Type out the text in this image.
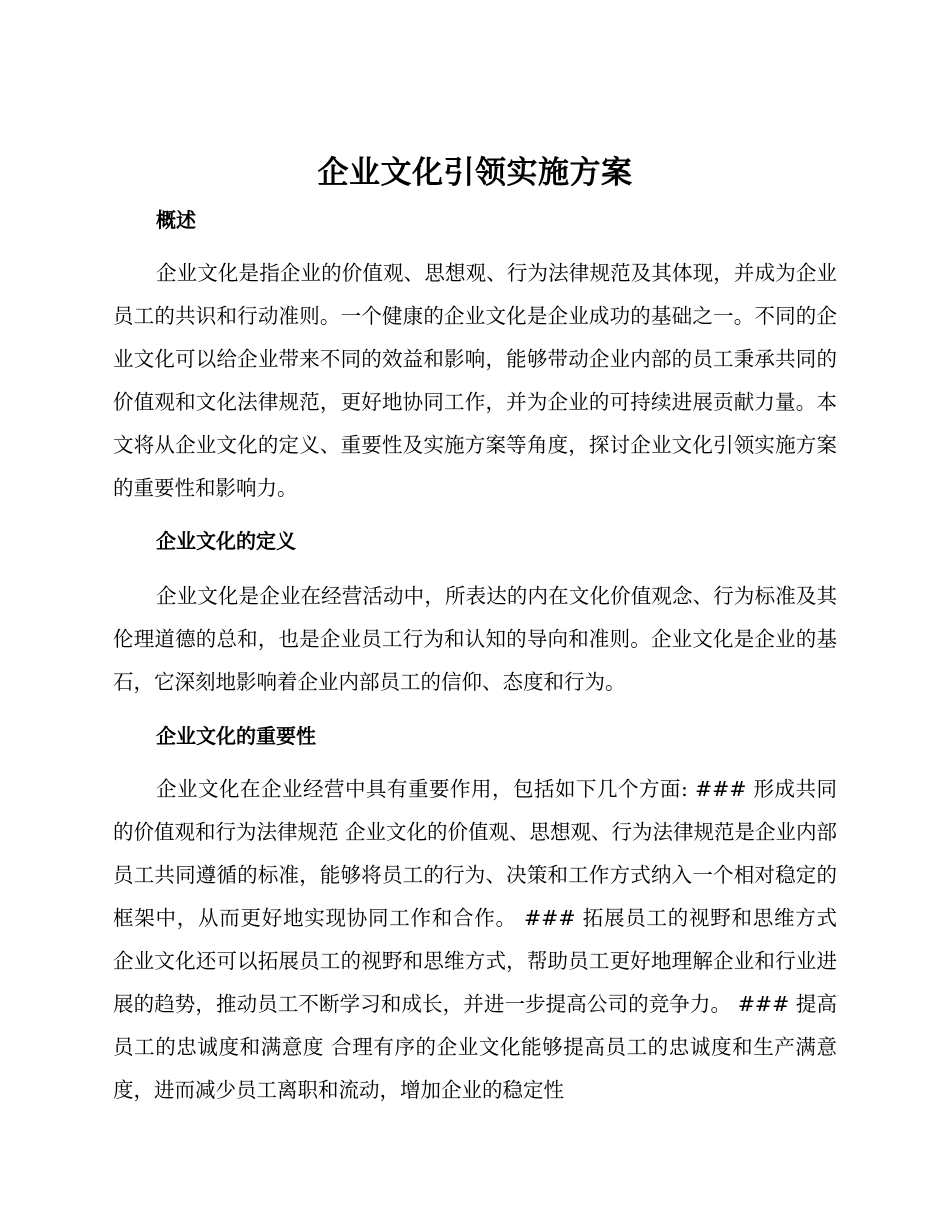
企业文化引领实施方案
概述

企业文化是指企业的价值观、思想观、行为法律规范及其体现，并成为企业员工的共识和行动准则。一个健康的企业文化是企业成功的基础之一。不同的企业文化可以给企业带来不同的效益和影响，能够带动企业内部的员工秉承共同的价值观和文化法律规范，更好地协同工作，并为企业的可持续进展贡献力量。本文将从企业文化的定义、重要性及实施方案等角度，探讨企业文化引领实施方案的重要性和影响力。

企业文化的定义

企业文化是企业在经营活动中，所表达的内在文化价值观念、行为标准及其伦理道德的总和，也是企业员工行为和认知的导向和准则。企业文化是企业的基石，它深刻地影响着企业内部员工的信仰、态度和行为。

企业文化的重要性

企业文化在企业经营中具有重要作用，包括如下几个方面: ### 形成共同的价值观和行为法律规范 企业文化的价值观、思想观、行为法律规范是企业内部员工共同遵循的标准，能够将员工的行为、决策和工作方式纳入一个相对稳定的框架中，从而更好地实现协同工作和合作。 ### 拓展员工的视野和思维方式 企业文化还可以拓展员工的视野和思维方式，帮助员工更好地理解企业和行业进展的趋势，推动员工不断学习和成长，并进一步提高公司的竞争力。 ### 提高员工的忠诚度和满意度 合理有序的企业文化能够提高员工的忠诚度和生产满意度，进而减少员工离职和流动，增加企业的稳定性
